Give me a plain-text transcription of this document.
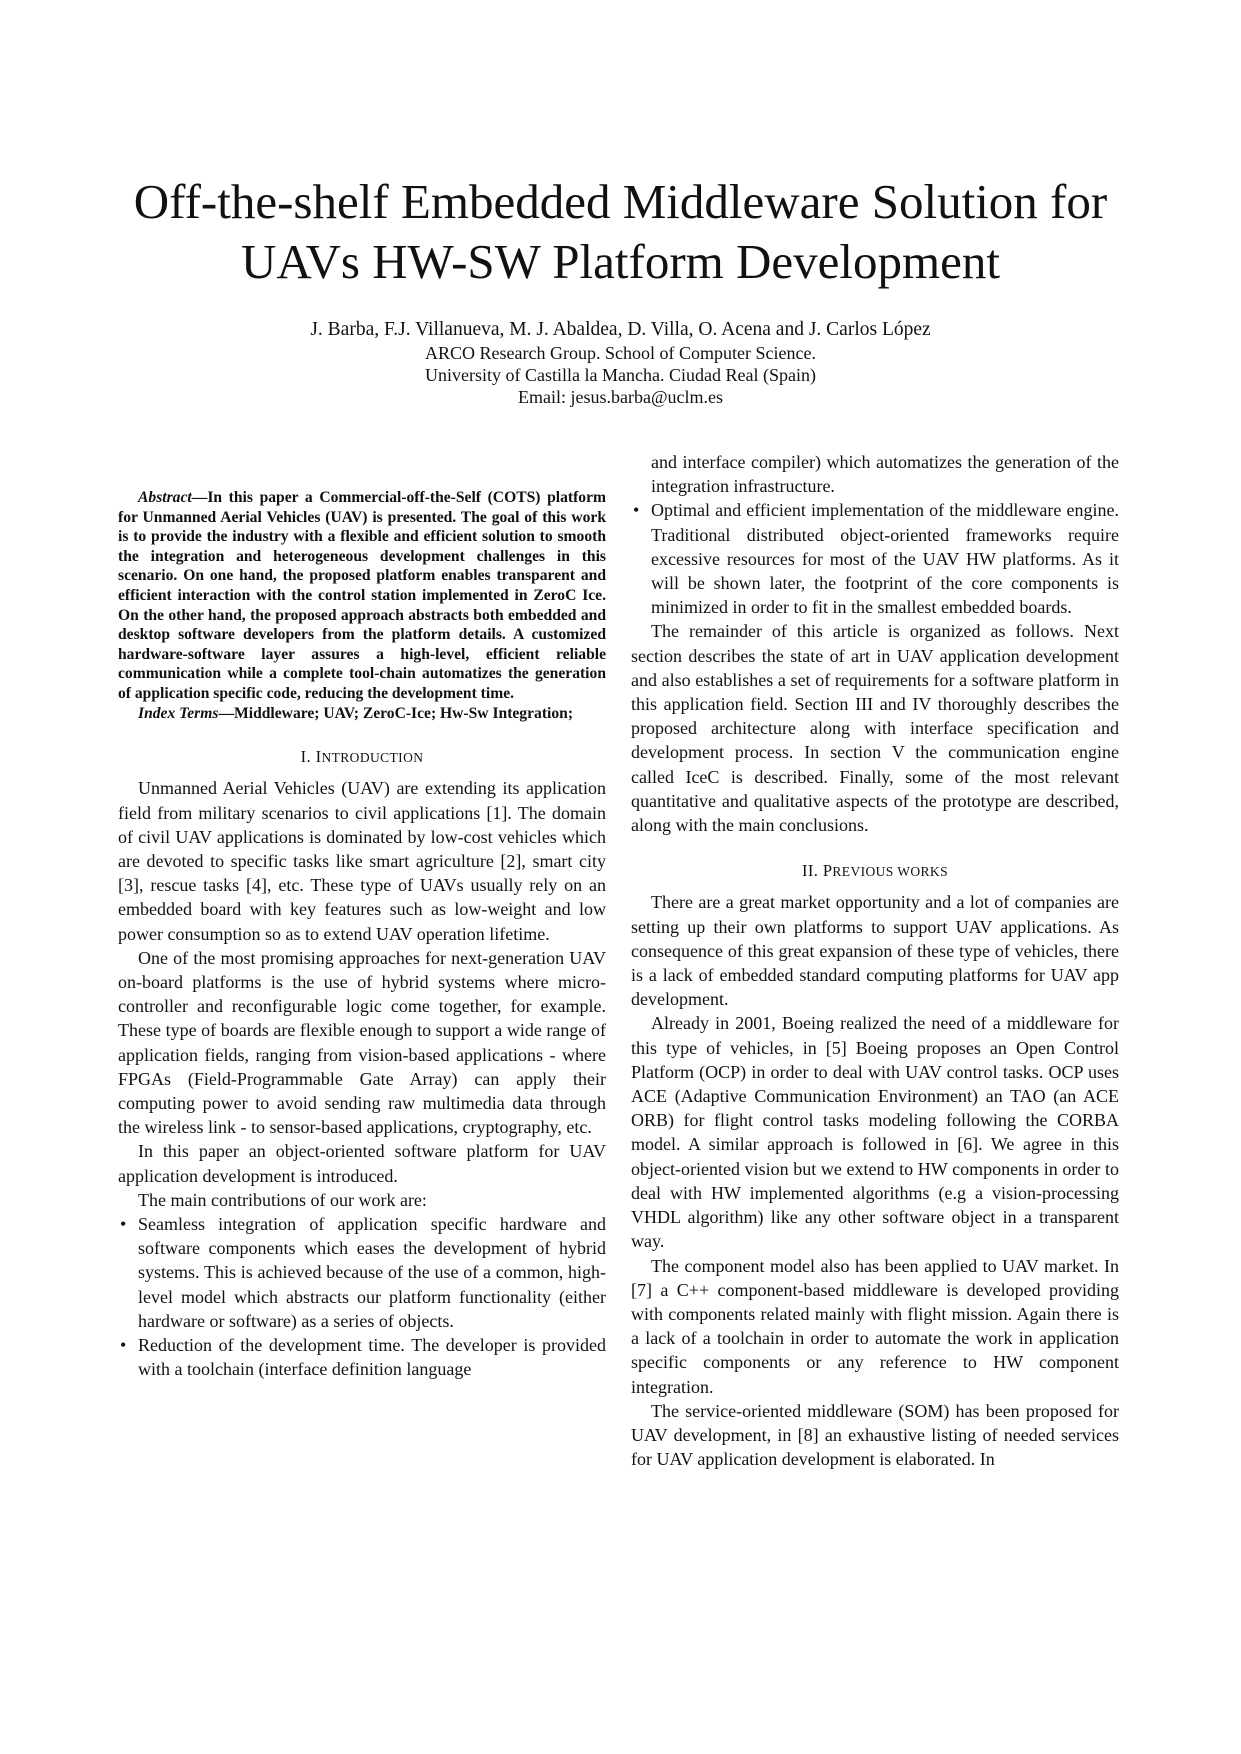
Off-the-shelf Embedded Middleware Solution for
UAVs HW-SW Platform Development
J. Barba, F.J. Villanueva, M. J. Abaldea, D. Villa, O. Acena and J. Carlos López
ARCO Research Group. School of Computer Science.
University of Castilla la Mancha. Ciudad Real (Spain)
Email: jesus.barba@uclm.es

Abstract—In this paper a Commercial-off-the-Self (COTS) platform for Unmanned Aerial Vehicles (UAV) is presented. The goal of this work is to provide the industry with a flexible and efficient solution to smooth the integration and heterogeneous development challenges in this scenario. On one hand, the proposed platform enables transparent and efficient interaction with the control station implemented in ZeroC Ice. On the other hand, the proposed approach abstracts both embedded and desktop software developers from the platform details. A customized hardware-software layer assures a high-level, efficient reliable communication while a complete tool-chain automatizes the generation of application specific code, reducing the development time.

Index Terms—Middleware; UAV; ZeroC-Ice; Hw-Sw Integration;

I. INTRODUCTION

Unmanned Aerial Vehicles (UAV) are extending its application field from military scenarios to civil applications [1]. The domain of civil UAV applications is dominated by low-cost vehicles which are devoted to specific tasks like smart agriculture [2], smart city [3], rescue tasks [4], etc. These type of UAVs usually rely on an embedded board with key features such as low-weight and low power consumption so as to extend UAV operation lifetime.

One of the most promising approaches for next-generation UAV on-board platforms is the use of hybrid systems where micro-controller and reconfigurable logic come together, for example. These type of boards are flexible enough to support a wide range of application fields, ranging from vision-based applications - where FPGAs (Field-Programmable Gate Array) can apply their computing power to avoid sending raw multimedia data through the wireless link - to sensor-based applications, cryptography, etc.

In this paper an object-oriented software platform for UAV application development is introduced.

The main contributions of our work are:

• Seamless integration of application specific hardware and software components which eases the development of hybrid systems. This is achieved because of the use of a common, high-level model which abstracts our platform functionality (either hardware or software) as a series of objects.
• Reduction of the development time. The developer is provided with a toolchain (interface definition language
and interface compiler) which automatizes the generation of the integration infrastructure.
• Optimal and efficient implementation of the middleware engine. Traditional distributed object-oriented frameworks require excessive resources for most of the UAV HW platforms. As it will be shown later, the footprint of the core components is minimized in order to fit in the smallest embedded boards.

The remainder of this article is organized as follows. Next section describes the state of art in UAV application development and also establishes a set of requirements for a software platform in this application field. Section III and IV thoroughly describes the proposed architecture along with interface specification and development process. In section V the communication engine called IceC is described. Finally, some of the most relevant quantitative and qualitative aspects of the prototype are described, along with the main conclusions.

II. PREVIOUS WORKS

There are a great market opportunity and a lot of companies are setting up their own platforms to support UAV applications. As consequence of this great expansion of these type of vehicles, there is a lack of embedded standard computing platforms for UAV app development.

Already in 2001, Boeing realized the need of a middleware for this type of vehicles, in [5] Boeing proposes an Open Control Platform (OCP) in order to deal with UAV control tasks. OCP uses ACE (Adaptive Communication Environment) an TAO (an ACE ORB) for flight control tasks modeling following the CORBA model. A similar approach is followed in [6]. We agree in this object-oriented vision but we extend to HW components in order to deal with HW implemented algorithms (e.g a vision-processing VHDL algorithm) like any other software object in a transparent way.

The component model also has been applied to UAV market. In [7] a C++ component-based middleware is developed providing with components related mainly with flight mission. Again there is a lack of a toolchain in order to automate the work in application specific components or any reference to HW component integration.

The service-oriented middleware (SOM) has been proposed for UAV development, in [8] an exhaustive listing of needed services for UAV application development is elaborated. In
